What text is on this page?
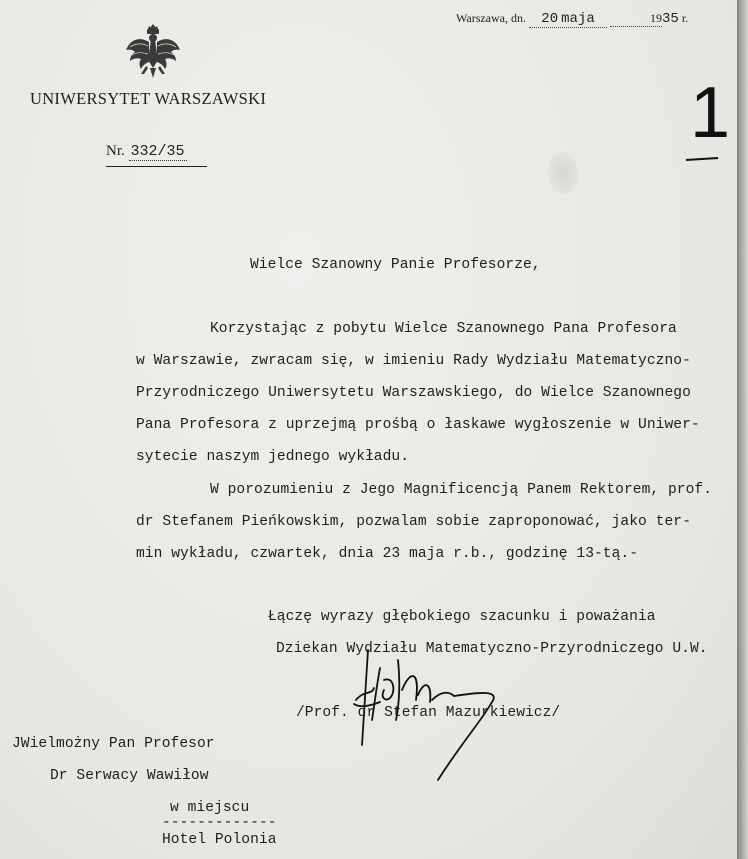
UNIWERSYTET WARSZAWSKI
Nr. 332/35
Warszawa, dn. 20 maja	1935 r.
1
Wielce Szanowny Panie Profesorze,
Korzystając z pobytu Wielce Szanownego Pana Profesora
w Warszawie, zwracam się, w imieniu Rady Wydziału Matematyczno-
Przyrodniczego Uniwersytetu Warszawskiego, do Wielce Szanownego
Pana Profesora z uprzejmą prośbą o łaskawe wygłoszenie w Uniwer-
sytecie naszym jednego wykładu.
W porozumieniu z Jego Magnificencją Panem Rektorem, prof.
dr Stefanem Pieńkowskim, pozwalam sobie zaproponować, jako ter-
min wykładu, czwartek, dnia 23 maja r.b., godzinę 13-tą.-
Łączę wyrazy głębokiego szacunku i poważania
Dziekan Wydziału Matematyczno-Przyrodniczego U.W.
/Prof. dr Stefan Mazurkiewicz/
JWielmożny Pan Profesor
Dr Serwacy Wawiłow
w miejscu
-------------
Hotel Polonia
